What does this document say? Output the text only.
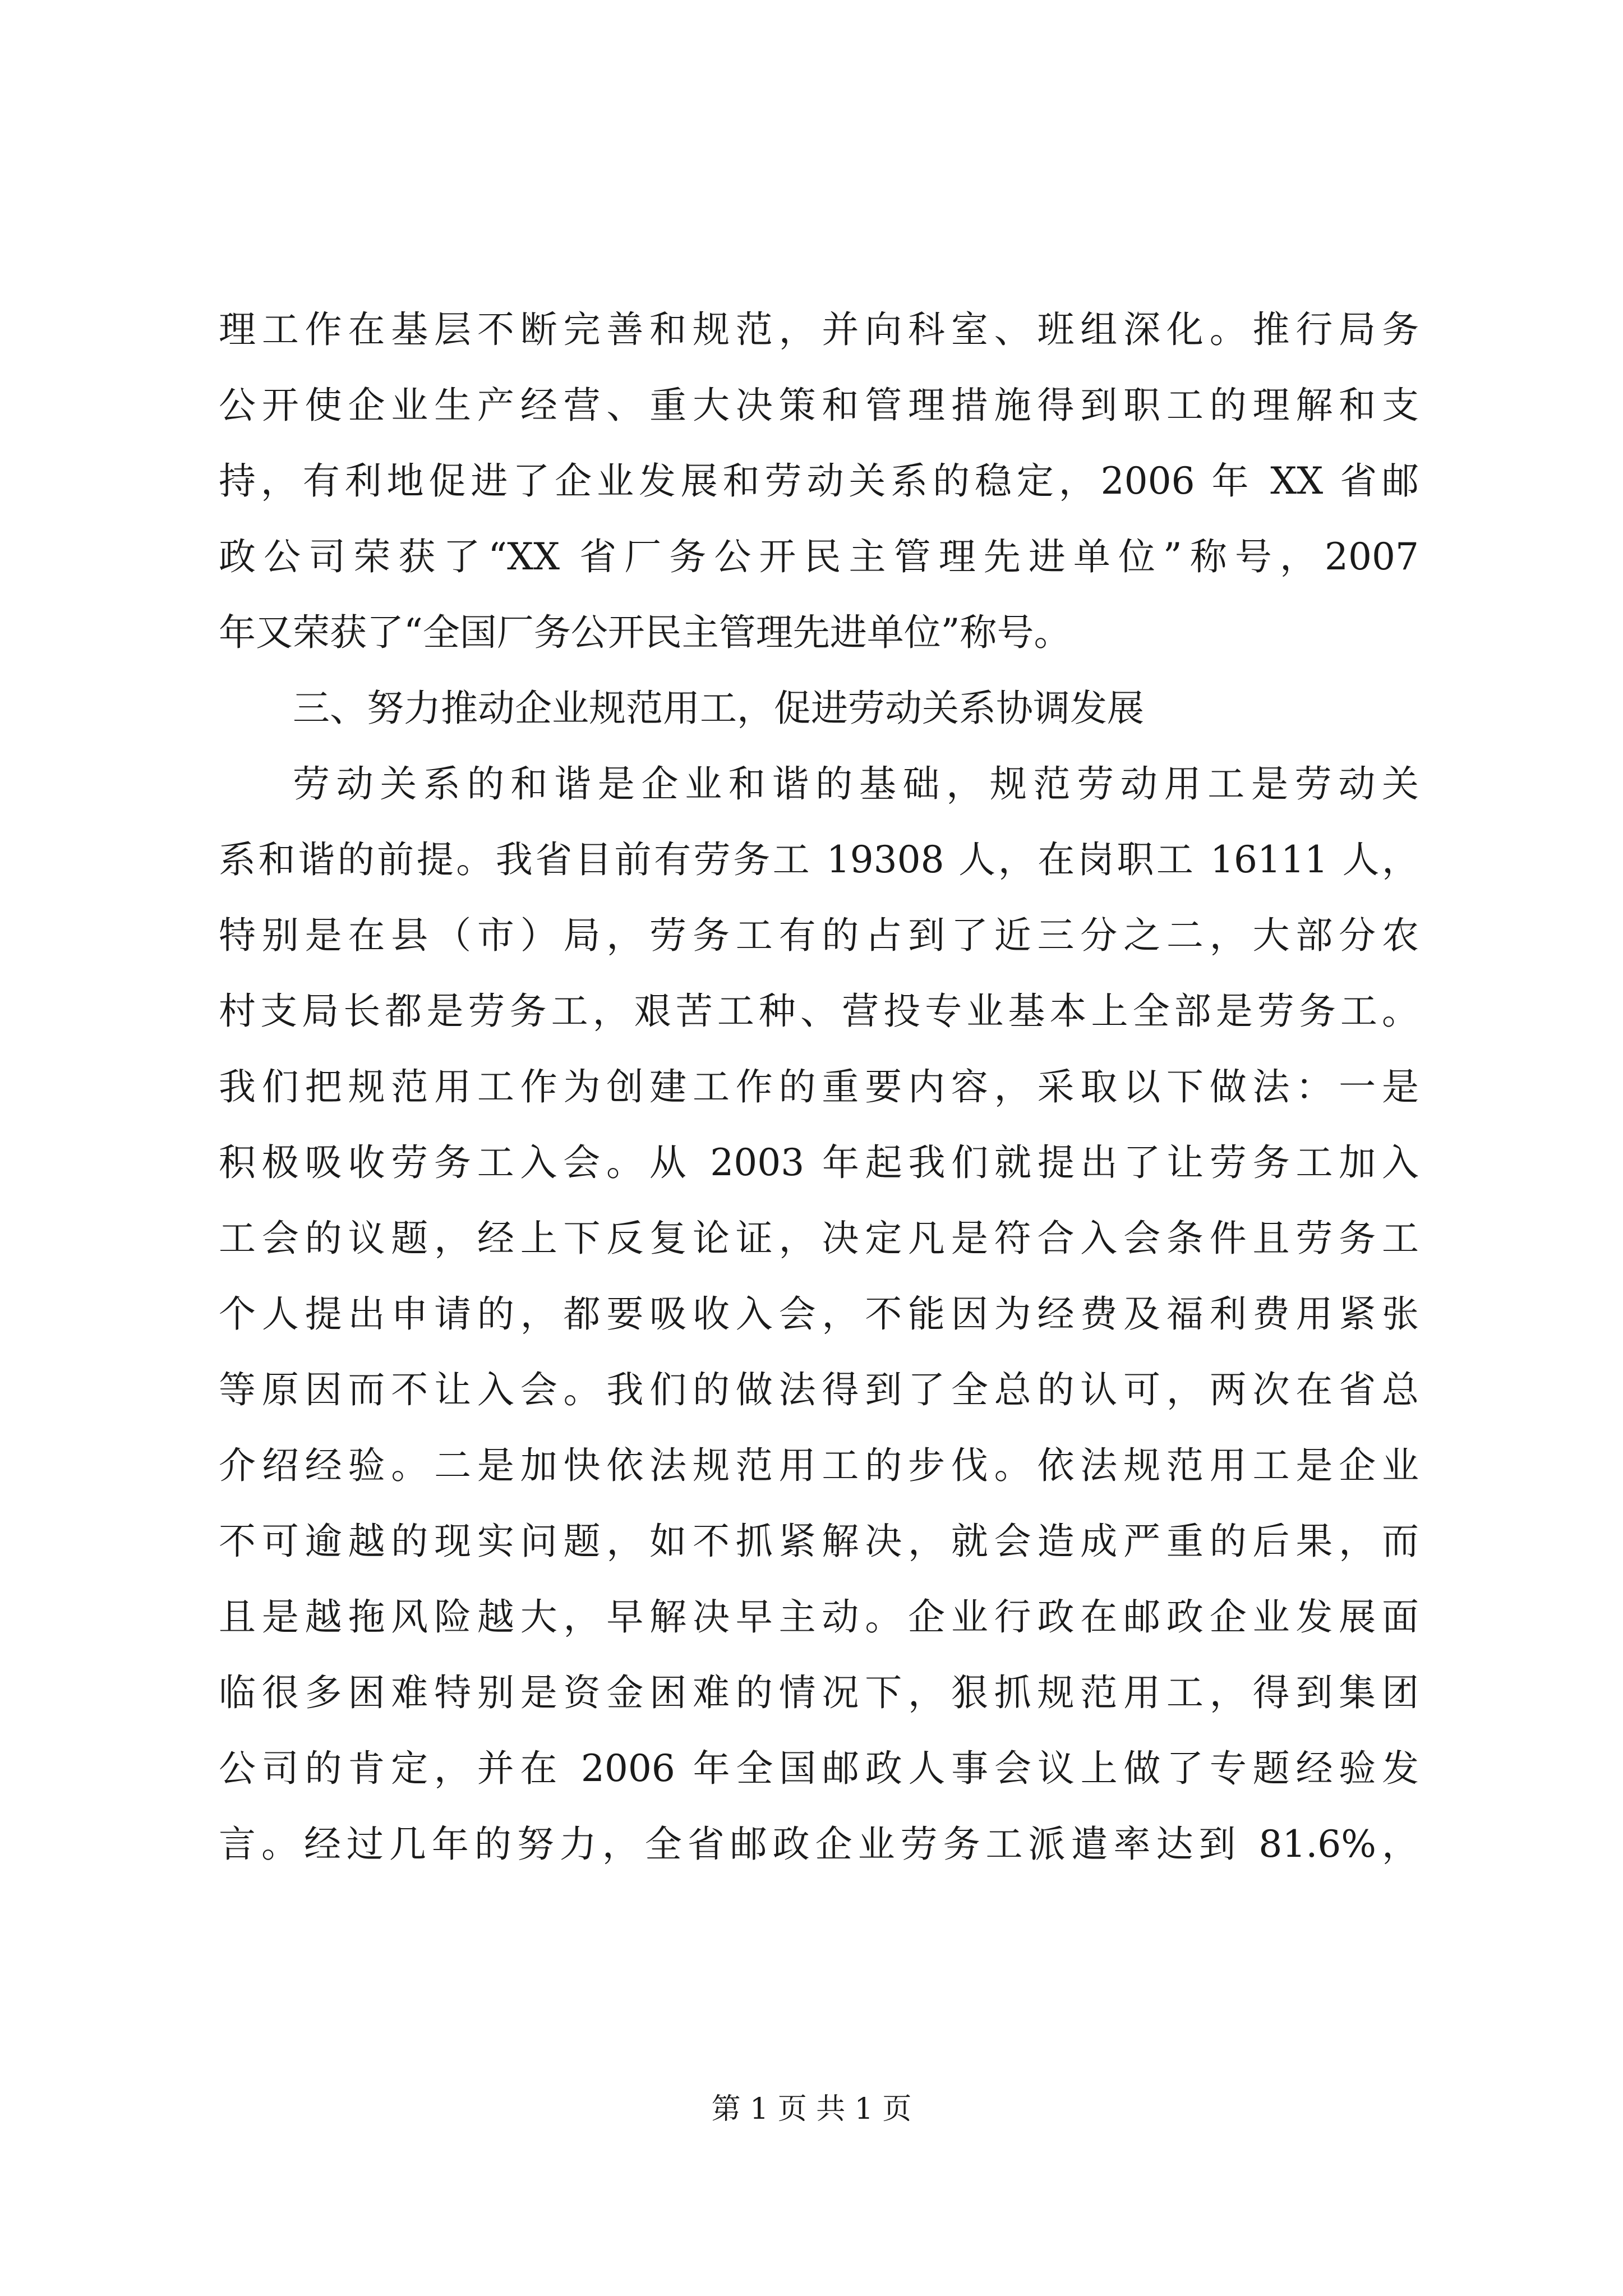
理工作在基层不断完善和规范，并向科室、班组深化。推行局务
公开使企业生产经营、重大决策和管理措施得到职工的理解和支
持，有利地促进了企业发展和劳动关系的稳定，2006 年 XX 省邮
政公司荣获了“XX 省厂务公开民主管理先进单位”称号，2007
年又荣获了“全国厂务公开民主管理先进单位”称号。
三、努力推动企业规范用工，促进劳动关系协调发展
劳动关系的和谐是企业和谐的基础，规范劳动用工是劳动关
系和谐的前提。我省目前有劳务工 19308 人，在岗职工 16111 人，
特别是在县（市）局，劳务工有的占到了近三分之二，大部分农
村支局长都是劳务工，艰苦工种、营投专业基本上全部是劳务工。
我们把规范用工作为创建工作的重要内容，采取以下做法：一是
积极吸收劳务工入会。从 2003 年起我们就提出了让劳务工加入
工会的议题，经上下反复论证，决定凡是符合入会条件且劳务工
个人提出申请的，都要吸收入会，不能因为经费及福利费用紧张
等原因而不让入会。我们的做法得到了全总的认可，两次在省总
介绍经验。二是加快依法规范用工的步伐。依法规范用工是企业
不可逾越的现实问题，如不抓紧解决，就会造成严重的后果，而
且是越拖风险越大，早解决早主动。企业行政在邮政企业发展面
临很多困难特别是资金困难的情况下，狠抓规范用工，得到集团
公司的肯定，并在 2006 年全国邮政人事会议上做了专题经验发
言。经过几年的努力，全省邮政企业劳务工派遣率达到 81.6%，
第 1 页 共 1 页
